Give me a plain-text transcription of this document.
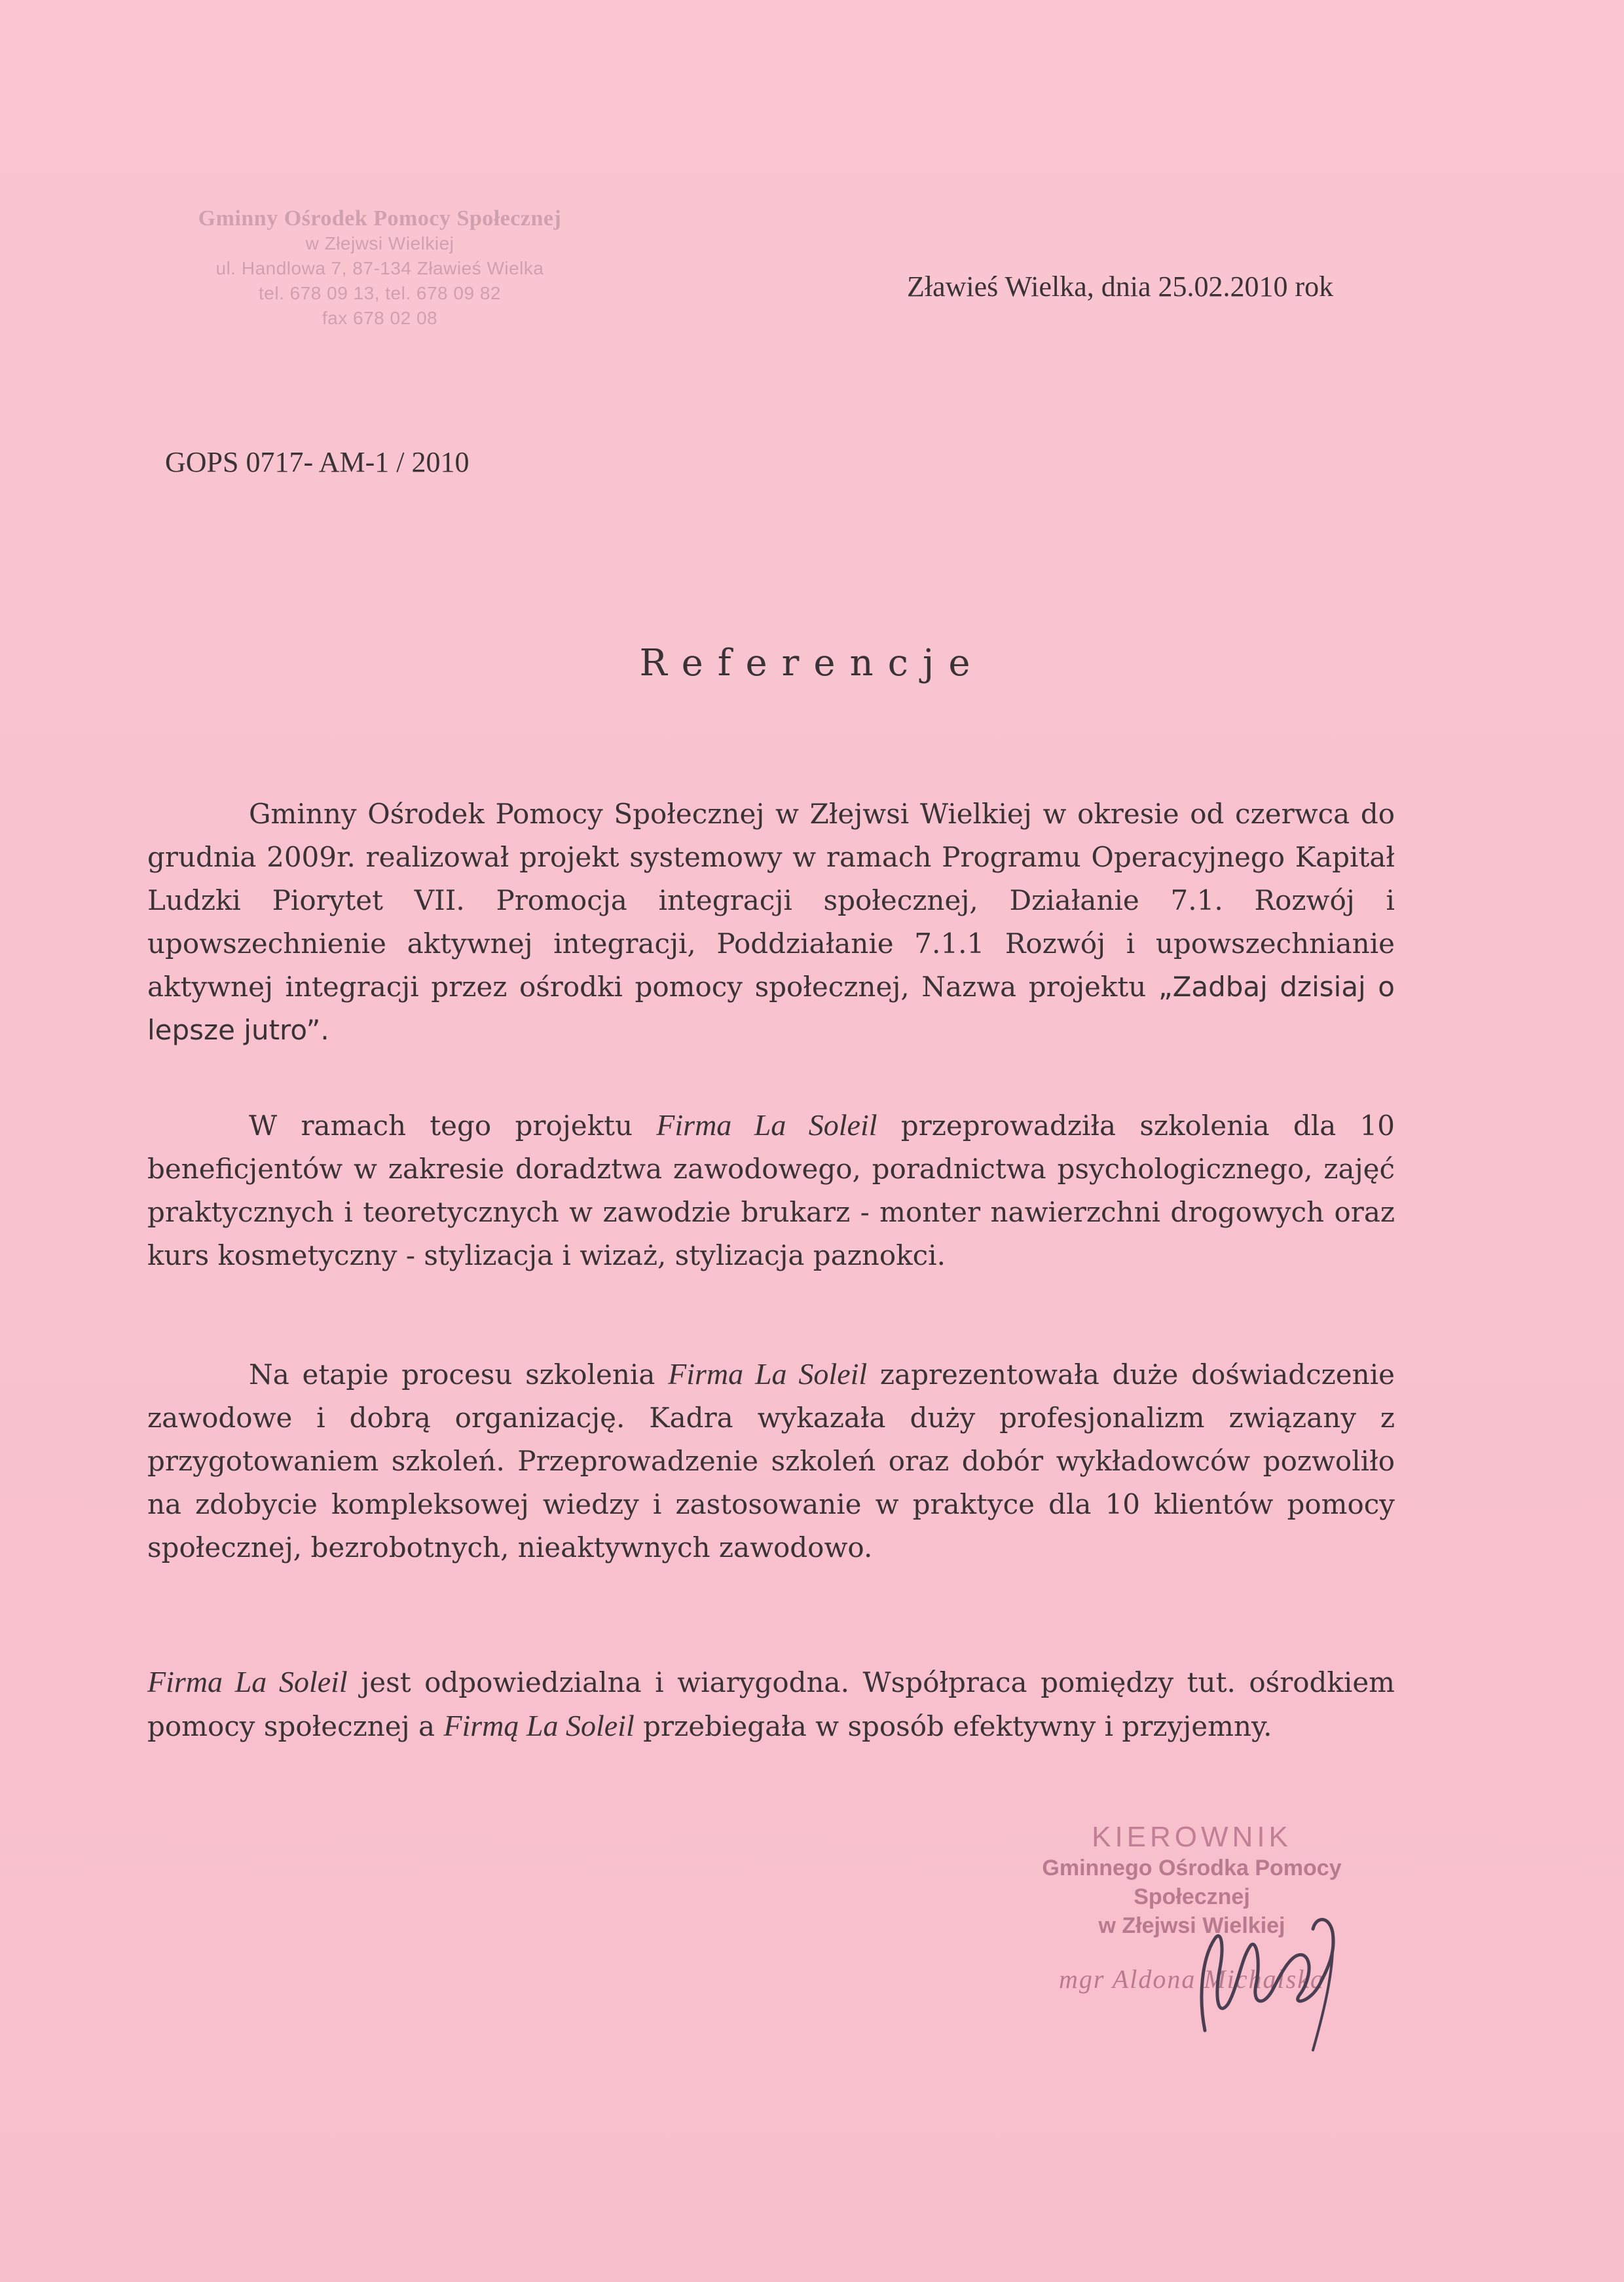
Gminny Ośrodek Pomocy Społecznej
w Złejwsi Wielkiej
ul. Handlowa 7, 87-134 Zławieś Wielka
tel. 678 09 13, tel. 678 09 82
fax 678 02 08
Zławieś Wielka, dnia 25.02.2010 rok
GOPS 0717- AM-1 / 2010
Referencje

Gminny Ośrodek Pomocy Społecznej w Złejwsi Wielkiej w okresie od czerwca do grudnia 2009r. realizował projekt systemowy w ramach Programu Operacyjnego Kapitał Ludzki Piorytet VII. Promocja integracji społecznej, Działanie 7.1. Rozwój i upowszechnienie aktywnej integracji, Poddziałanie 7.1.1 Rozwój i upowszechnianie aktywnej integracji przez ośrodki pomocy społecznej, Nazwa projektu „Zadbaj dzisiaj o lepsze jutro”.

W ramach tego projektu Firma La Soleil przeprowadziła szkolenia dla 10 beneficjentów w zakresie doradztwa zawodowego, poradnictwa psychologicznego, zajęć praktycznych i teoretycznych w zawodzie brukarz - monter nawierzchni drogowych oraz kurs kosmetyczny - stylizacja i wizaż, stylizacja paznokci.

Na etapie procesu szkolenia Firma La Soleil zaprezentowała duże doświadczenie zawodowe i dobrą organizację. Kadra wykazała duży profesjonalizm związany z przygotowaniem szkoleń. Przeprowadzenie szkoleń oraz dobór wykładowców pozwoliło na zdobycie kompleksowej wiedzy i zastosowanie w praktyce dla 10 klientów pomocy społecznej, bezrobotnych, nieaktywnych zawodowo.

Firma La Soleil jest odpowiedzialna i wiarygodna. Współpraca pomiędzy tut. ośrodkiem pomocy społecznej a Firmą La Soleil przebiegała w sposób efektywny i przyjemny.

KIEROWNIK
Gminnego Ośrodka Pomocy Społecznej
w Złejwsi Wielkiej
mgr Aldona Michalska
